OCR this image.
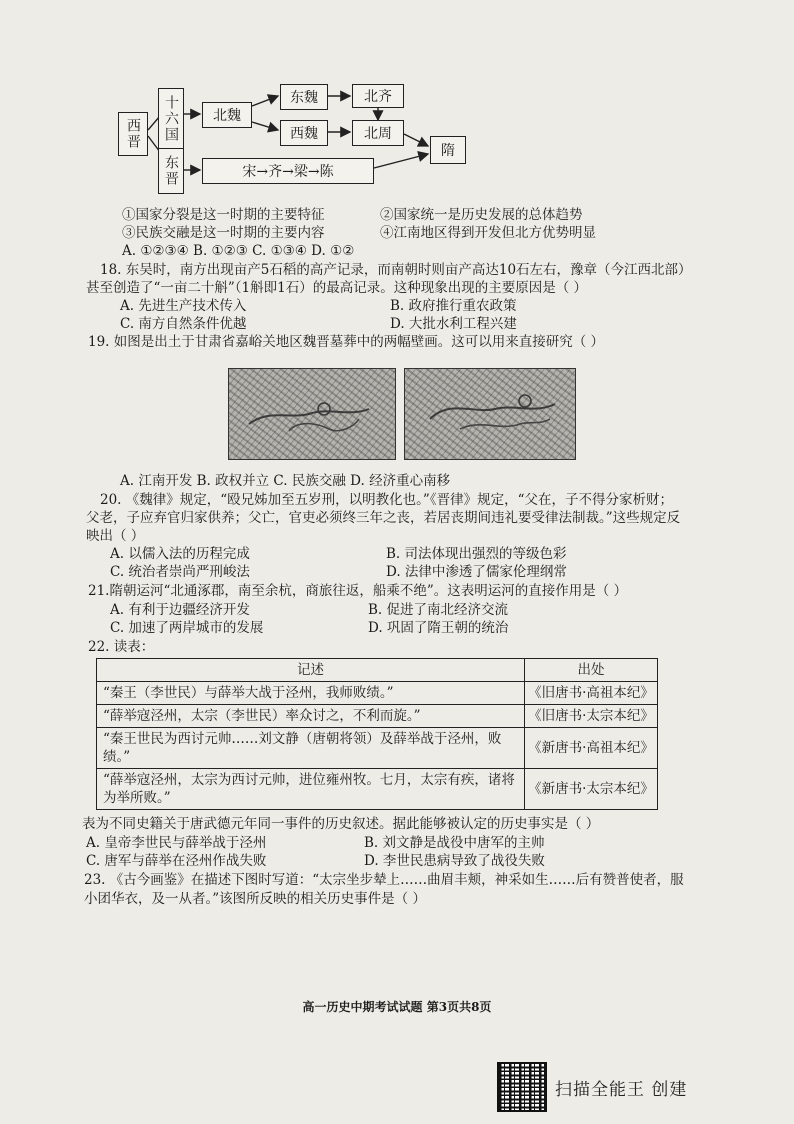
西晋	十六国
东晋
北魏
东魏
西魏
北齐
北周
隋
宋→齐→梁→陈
①国家分裂是这一时期的主要特征	②国家统一是历史发展的总体趋势
③民族交融是这一时期的主要内容	④江南地区得到开发但北方优势明显
A. ①②③④ B. ①②③ C. ①③④ D. ①②
18. 东吴时，南方出现亩产5石稻的高产记录，而南朝时则亩产高达10石左右，豫章（今江西北部）
甚至创造了“一亩二十斛”（1斛即1石）的最高记录。这种现象出现的主要原因是（ ）
A. 先进生产技术传入	B. 政府推行重农政策
C. 南方自然条件优越	D. 大批水利工程兴建
19. 如图是出土于甘肃省嘉峪关地区魏晋墓葬中的两幅壁画。这可以用来直接研究（ ）
A. 江南开发 B. 政权并立 C. 民族交融 D. 经济重心南移
20. 《魏律》规定，“殴兄姊加至五岁刑，以明教化也。”《晋律》规定，“父在，子不得分家析财；
父老，子应弃官归家供养；父亡，官吏必须终三年之丧，若居丧期间违礼要受律法制裁。”这些规定反
映出（ ）
A. 以儒入法的历程完成	B. 司法体现出强烈的等级色彩
C. 统治者崇尚严刑峻法	D. 法律中渗透了儒家伦理纲常
21.隋朝运河“北通涿郡，南至余杭，商旅往返，船乘不绝”。这表明运河的直接作用是（ ）
A. 有利于边疆经济开发	B. 促进了南北经济交流
C. 加速了两岸城市的发展	D. 巩固了隋王朝的统治
22. 读表：
记述	出处
“秦王（李世民）与薛举大战于泾州，我师败绩。”	《旧唐书·高祖本纪》
“薛举寇泾州，太宗（李世民）率众讨之，不利而旋。”	《旧唐书·太宗本纪》
“秦王世民为西讨元帅……刘文静（唐朝将领）及薛举战于泾州，败绩。”	《新唐书·高祖本纪》
“薛举寇泾州，太宗为西讨元帅，进位雍州牧。七月，太宗有疾，诸将为举所败。”	《新唐书·太宗本纪》
表为不同史籍关于唐武德元年同一事件的历史叙述。据此能够被认定的历史事实是（ ）
A. 皇帝李世民与薛举战于泾州	B. 刘文静是战役中唐军的主帅
C. 唐军与薛举在泾州作战失败	D. 李世民患病导致了战役失败
23. 《古今画鉴》在描述下图时写道：“太宗坐步辇上……曲眉丰颊，神采如生……后有赞普使者，服
小团华衣，及一从者。”该图所反映的相关历史事件是（ ）
高一历史中期考试试题 第3页共8页
扫描全能王 创建
